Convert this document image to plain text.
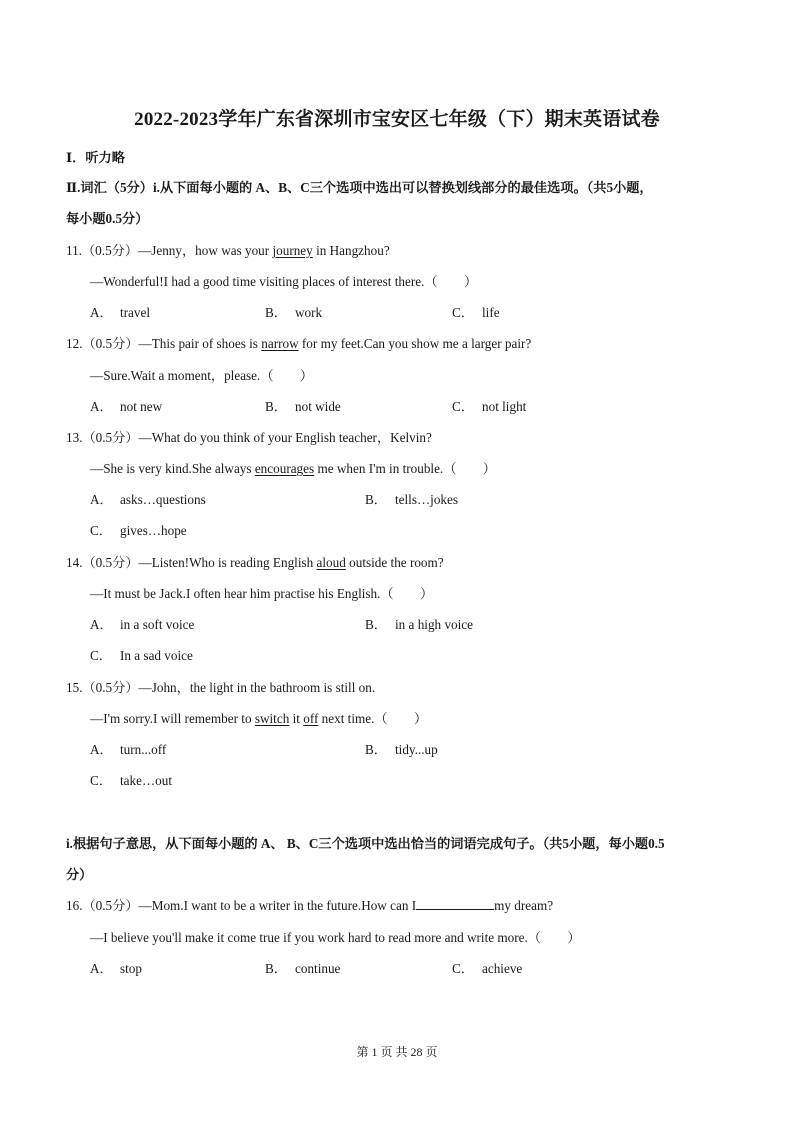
2022-2023学年广东省深圳市宝安区七年级（下）期末英语试卷
Ⅰ．听力略
Ⅱ.词汇（5分）i.从下面每小题的 A、B、C三个选项中选出可以替换划线部分的最佳选项。（共5小题，
每小题0.5分）
11.（0.5分）—Jenny，how was your journey in Hangzhou?
—Wonderful!I had a good time visiting places of interest there.（　　）
A． travel	B． work	C． life
12.（0.5分）—This pair of shoes is narrow for my feet.Can you show me a larger pair?
—Sure.Wait a moment，please.（　　）
A． not new	B． not wide	C． not light
13.（0.5分）—What do you think of your English teacher，Kelvin?
—She is very kind.She always encourages me when I'm in trouble.（　　）
A． asks…questions	B． tells…jokes
C． gives…hope
14.（0.5分）—Listen!Who is reading English aloud outside the room?
—It must be Jack.I often hear him practise his English.（　　）
A． in a soft voice	B． in a high voice
C． In a sad voice
15.（0.5分）—John，the light in the bathroom is still on.
—I'm sorry.I will remember to switch it off next time.（　　）
A． turn...off	B． tidy...up
C． take…out
i.根据句子意思，从下面每小题的 A、 B、C三个选项中选出恰当的词语完成句子。（共5小题，每小题0.5
分）
16.（0.5分）—Mom.I want to be a writer in the future.How can I	my dream?
—I believe you'll make it come true if you work hard to read more and write more.（　　）
A． stop	B． continue	C． achieve
第 1 页 共 28 页
